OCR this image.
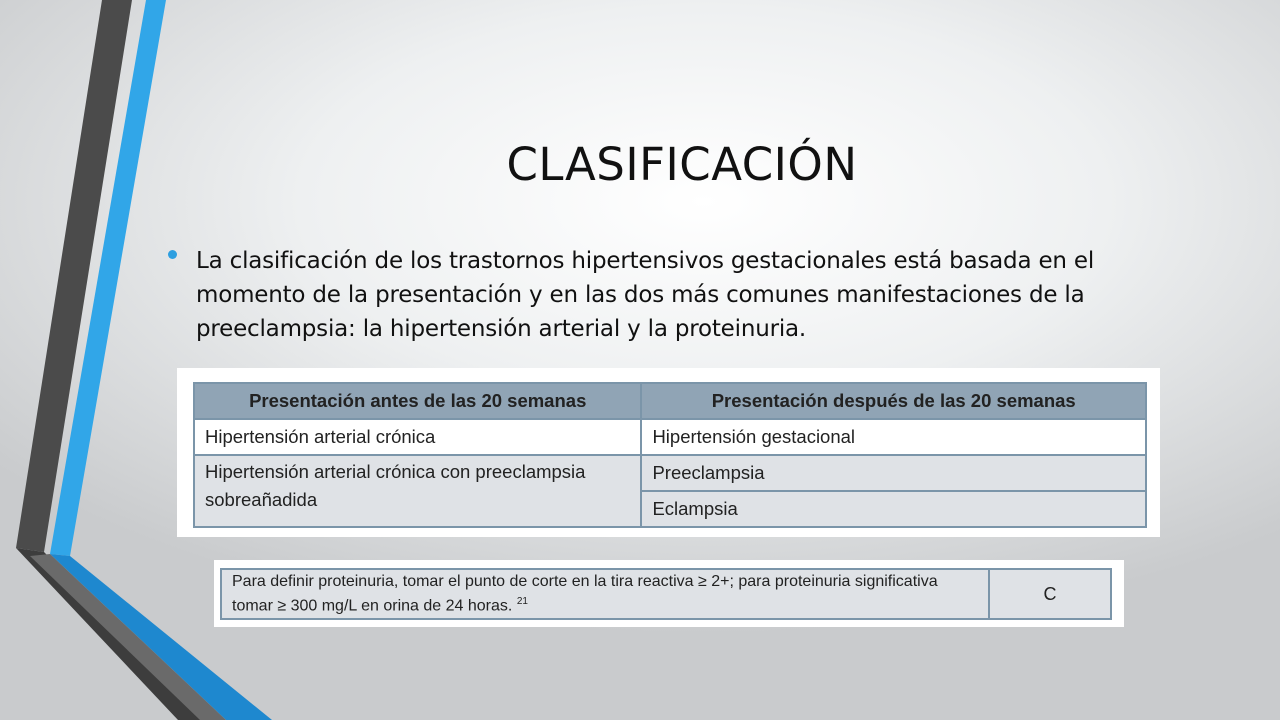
CLASIFICACIÓN
La clasificación de los trastornos hipertensivos gestacionales está basada en el momento de la presentación y en las dos más comunes manifestaciones de la preeclampsia: la hipertensión arterial y la proteinuria.
Presentación antes de las 20 semanas	Presentación después de las 20 semanas
Hipertensión arterial crónica	Hipertensión gestacional
Hipertensión arterial crónica con preeclampsia sobreañadida	Preeclampsia
	Eclampsia
Para definir proteinuria, tomar el punto de corte en la tira reactiva ≥ 2+; para proteinuria significativa tomar ≥ 300 mg/L en orina de 24 horas. $^{21}$	C
